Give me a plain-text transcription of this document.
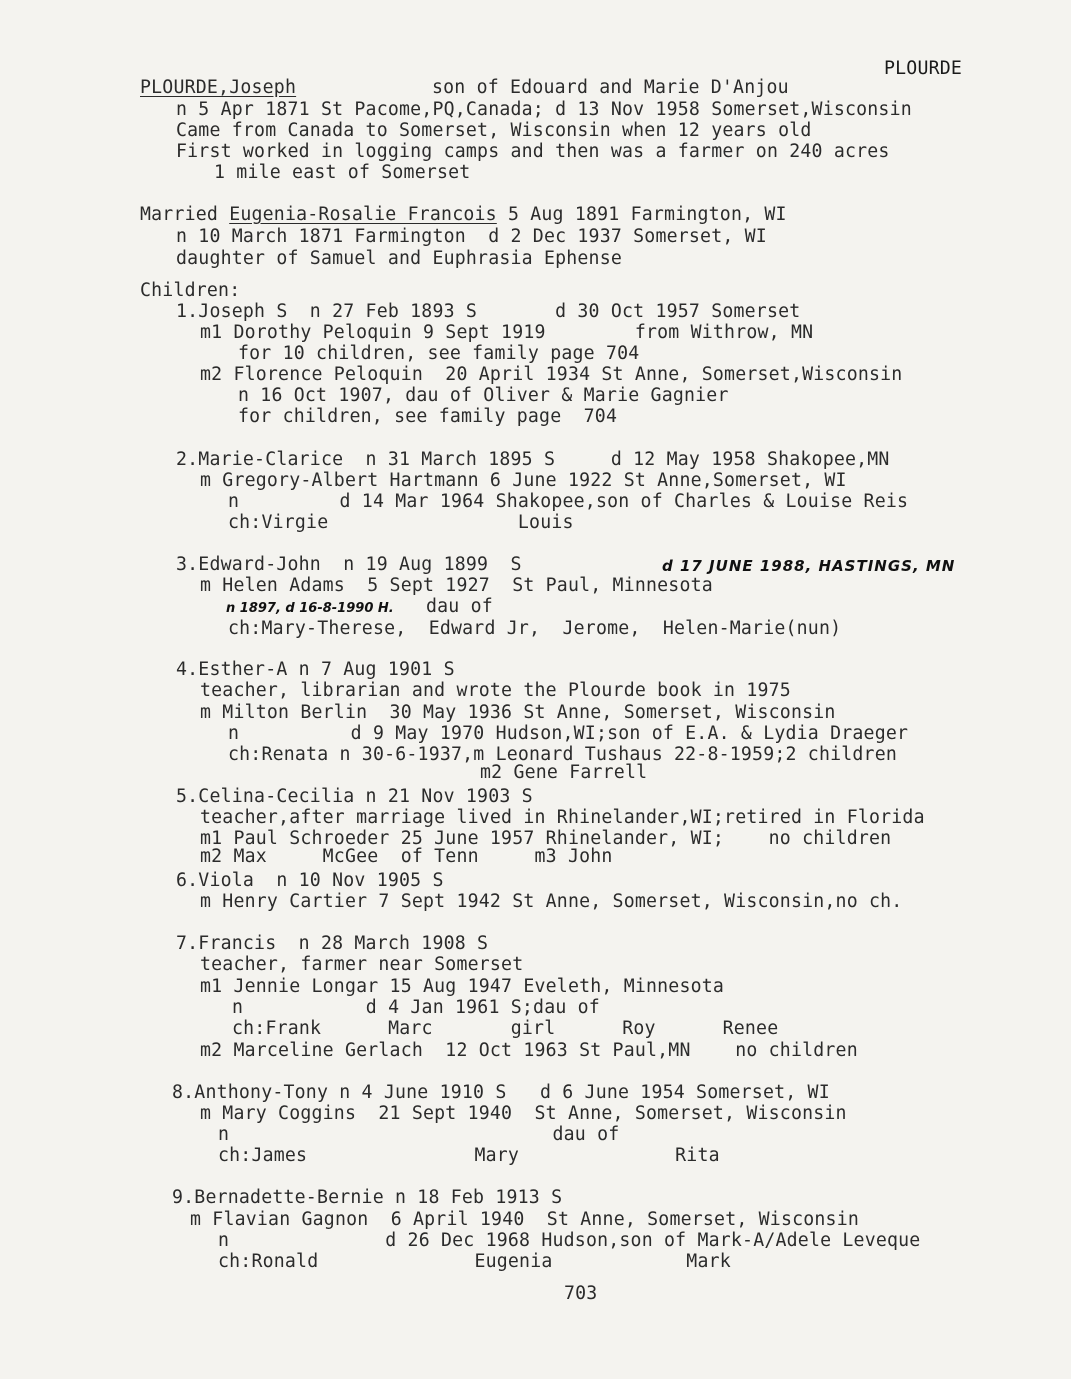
PLOURDE
PLOURDE,Joseph	son of Edouard and Marie D'Anjou
n 5 Apr 1871 St Pacome,PQ,Canada; d 13 Nov 1958 Somerset,Wisconsin
Came from Canada to Somerset, Wisconsin when 12 years old
First worked in logging camps and then was a farmer on 240 acres
1 mile east of Somerset
Married Eugenia-Rosalie Francois 5 Aug 1891 Farmington, WI
n 10 March 1871 Farmington  d 2 Dec 1937 Somerset, WI
daughter of Samuel and Euphrasia Ephense
Children:
1.Joseph S  n 27 Feb 1893 S       d 30 Oct 1957 Somerset
m1 Dorothy Peloquin 9 Sept 1919        from Withrow, MN
for 10 children, see family page 704
m2 Florence Peloquin  20 April 1934 St Anne, Somerset,Wisconsin
n 16 Oct 1907, dau of Oliver & Marie Gagnier
for children, see family page  704
2.Marie-Clarice  n 31 March 1895 S     d 12 May 1958 Shakopee,MN
m Gregory-Albert Hartmann 6 June 1922 St Anne,Somerset, WI
n         d 14 Mar 1964 Shakopee,son of Charles & Louise Reis
ch:Virgie                 Louis
3.Edward-John  n 19 Aug 1899  S	d 17 JUNE 1988, HASTINGS, MN
m Helen Adams  5 Sept 1927  St Paul, Minnesota
n 1897, d 16-8-1990 H. dau of
ch:Mary-Therese,  Edward Jr,  Jerome,  Helen-Marie(nun)
4.Esther-A n 7 Aug 1901 S
teacher, librarian and wrote the Plourde book in 1975
m Milton Berlin  30 May 1936 St Anne, Somerset, Wisconsin
n          d 9 May 1970 Hudson,WI;son of E.A. & Lydia Draeger
ch:Renata n 30-6-1937,m Leonard Tushaus 22-8-1959;2 children
m2 Gene Farrell
5.Celina-Cecilia n 21 Nov 1903 S
teacher,after marriage lived in Rhinelander,WI;retired in Florida
m1 Paul Schroeder 25 June 1957 Rhinelander, WI;    no children
m2 Max     McGee  of Tenn     m3 John
6.Viola  n 10 Nov 1905 S
m Henry Cartier 7 Sept 1942 St Anne, Somerset, Wisconsin,no ch.
7.Francis  n 28 March 1908 S
teacher, farmer near Somerset
m1 Jennie Longar 15 Aug 1947 Eveleth, Minnesota
n           d 4 Jan 1961 S;dau of
ch:Frank      Marc       girl      Roy      Renee
m2 Marceline Gerlach  12 Oct 1963 St Paul,MN    no children
8.Anthony-Tony n 4 June 1910 S   d 6 June 1954 Somerset, WI
m Mary Coggins  21 Sept 1940  St Anne, Somerset, Wisconsin
n                             dau of
ch:James               Mary              Rita
9.Bernadette-Bernie n 18 Feb 1913 S
m Flavian Gagnon  6 April 1940  St Anne, Somerset, Wisconsin
n              d 26 Dec 1968 Hudson,son of Mark-A/Adele Leveque
ch:Ronald              Eugenia            Mark
703
